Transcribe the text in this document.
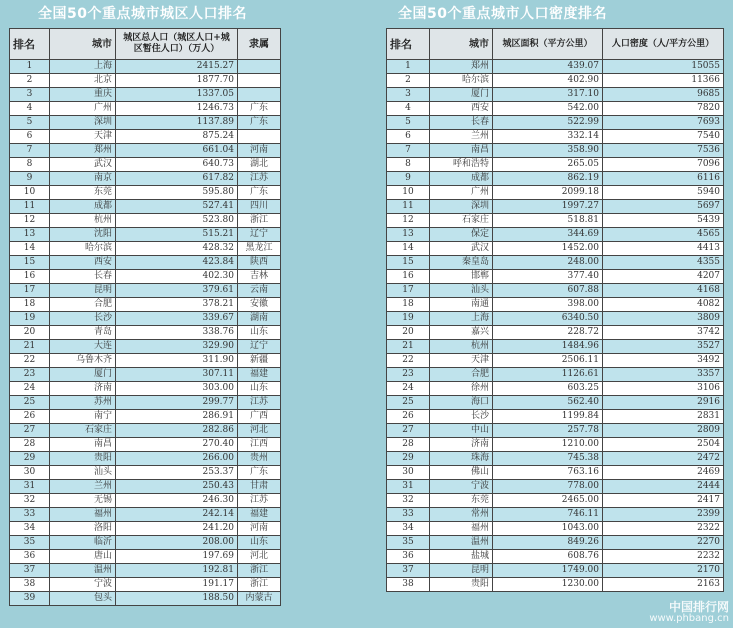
全国50个重点城市城区人口排名	全国50个重点城市人口密度排名
排名	城市	城区总人口（城区人口+城区暂住人口）（万人）	隶属
1	上海	2415.27	
2	北京	1877.70	
3	重庆	1337.05	
4	广州	1246.73	广东
5	深圳	1137.89	广东
6	天津	875.24	
7	郑州	661.04	河南
8	武汉	640.73	湖北
9	南京	617.82	江苏
10	东莞	595.80	广东
11	成都	527.41	四川
12	杭州	523.80	浙江
13	沈阳	515.21	辽宁
14	哈尔滨	428.32	黑龙江
15	西安	423.84	陕西
16	长春	402.30	吉林
17	昆明	379.61	云南
18	合肥	378.21	安徽
19	长沙	339.67	湖南
20	青岛	338.76	山东
21	大连	329.90	辽宁
22	乌鲁木齐	311.90	新疆
23	厦门	307.11	福建
24	济南	303.00	山东
25	苏州	299.77	江苏
26	南宁	286.91	广西
27	石家庄	282.86	河北
28	南昌	270.40	江西
29	贵阳	266.00	贵州
30	汕头	253.37	广东
31	兰州	250.43	甘肃
32	无锡	246.30	江苏
33	福州	242.14	福建
34	洛阳	241.20	河南
35	临沂	208.00	山东
36	唐山	197.69	河北
37	温州	192.81	浙江
38	宁波	191.17	浙江
39	包头	188.50	内蒙古
排名	城市	城区面积（平方公里）	人口密度（人/平方公里）
1	郑州	439.07	15055
2	哈尔滨	402.90	11366
3	厦门	317.10	9685
4	西安	542.00	7820
5	长春	522.99	7693
6	兰州	332.14	7540
7	南昌	358.90	7536
8	呼和浩特	265.05	7096
9	成都	862.19	6116
10	广州	2099.18	5940
11	深圳	1997.27	5697
12	石家庄	518.81	5439
13	保定	344.69	4565
14	武汉	1452.00	4413
15	秦皇岛	248.00	4355
16	邯郸	377.40	4207
17	汕头	607.88	4168
18	南通	398.00	4082
19	上海	6340.50	3809
20	嘉兴	228.72	3742
21	杭州	1484.96	3527
22	天津	2506.11	3492
23	合肥	1126.61	3357
24	徐州	603.25	3106
25	海口	562.40	2916
26	长沙	1199.84	2831
27	中山	257.78	2809
28	济南	1210.00	2504
29	珠海	745.38	2472
30	佛山	763.16	2469
31	宁波	778.00	2444
32	东莞	2465.00	2417
33	常州	746.11	2399
34	福州	1043.00	2322
35	温州	849.26	2270
36	盐城	608.76	2232
37	昆明	1749.00	2170
38	贵阳	1230.00	2163
中国排行网
www.phbang.cn
